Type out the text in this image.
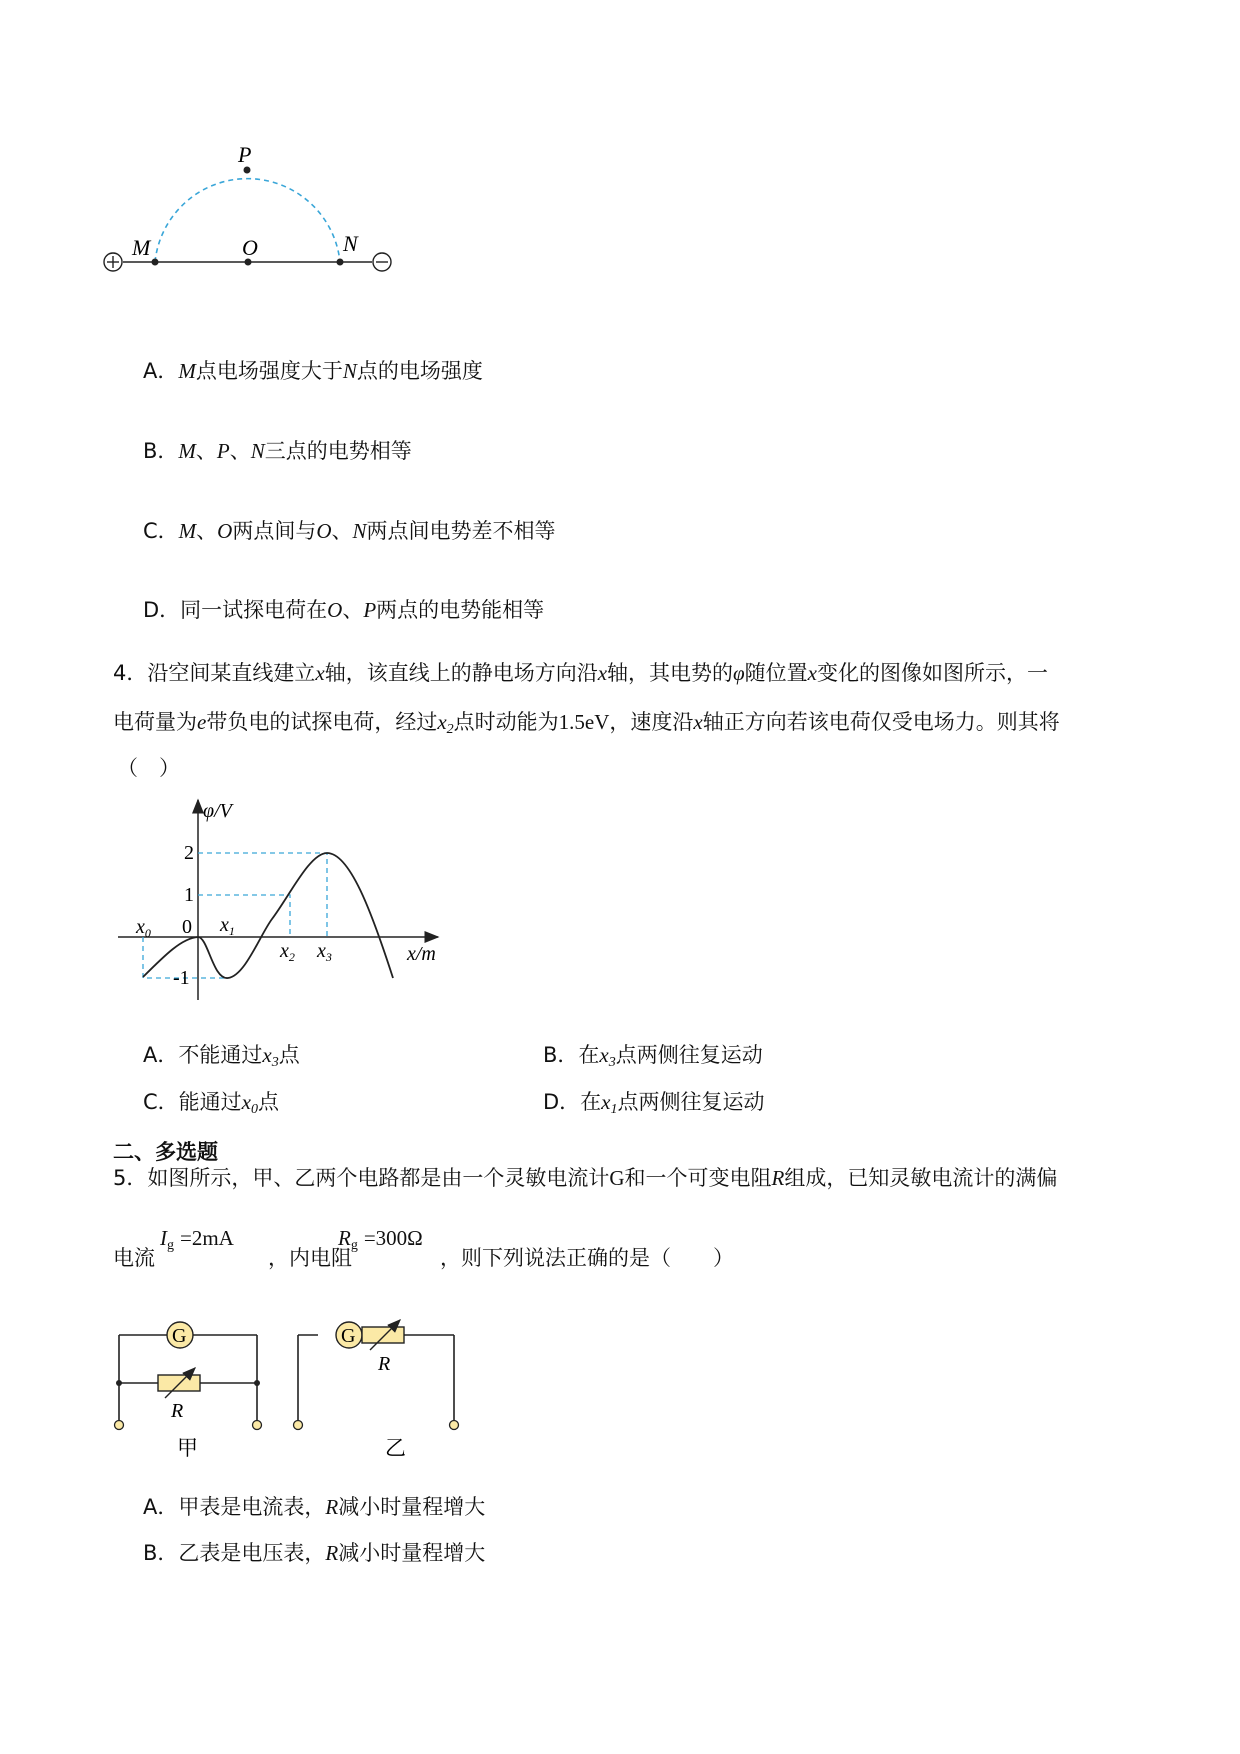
P
M	O	N
A．M点电场强度大于N点的电场强度
B．M、P、N三点的电势相等
C．M、O两点间与O、N两点间电势差不相等
D．同一试探电荷在O、P两点的电势能相等
4．沿空间某直线建立x轴，该直线上的静电场方向沿x轴，其电势的φ随位置x变化的图像如图所示，一
电荷量为e带负电的试探电荷，经过$x_2$点时动能为1.5eV，速度沿x轴正方向若该电荷仅受电场力。则其将
（　）
2
1
0
-1
φ/V
x/m
$x_0$	$x_1$
$x_2$ $x_3$
A．不能通过$x_3$点	B．在$x_3$点两侧往复运动
C．能通过$x_0$点	D．在$x_1$点两侧往复运动
二、多选题
5．如图所示，甲、乙两个电路都是由一个灵敏电流计G和一个可变电阻R组成，已知灵敏电流计的满偏
电流
$I_g =2mA$
，内电阻
$R_g =300\Omega$
，则下列说法正确的是（　　）
G
R
甲
G
R
乙
A．甲表是电流表，R减小时量程增大
B．乙表是电压表，R减小时量程增大
